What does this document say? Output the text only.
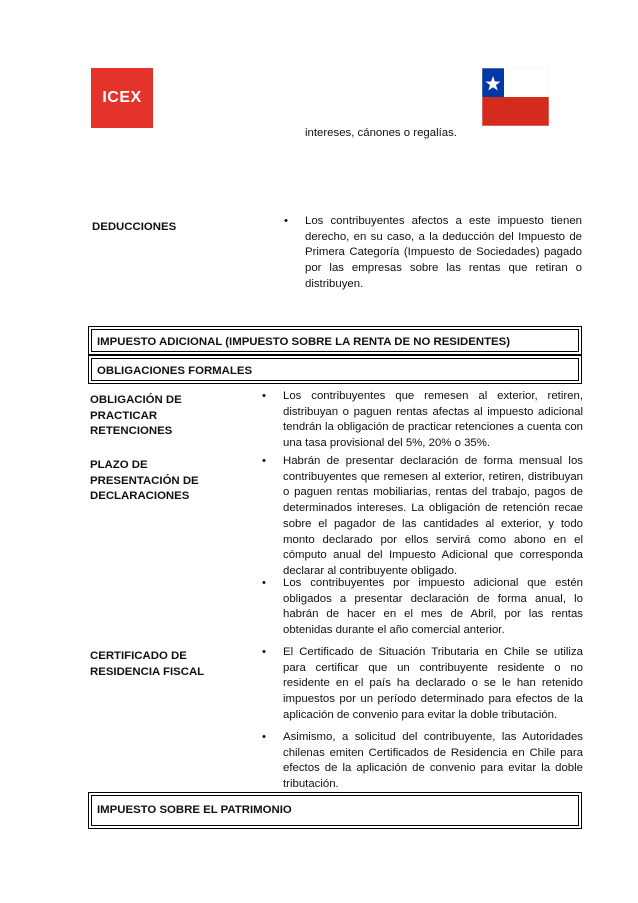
ICEX
intereses, cánones o regalías.
DEDUCCIONES	• Los contribuyentes afectos a este impuesto tienen derecho, en su caso, a la deducción del Impuesto de Primera Categoría (Impuesto de Sociedades) pagado por las empresas sobre las rentas que retiran o distribuyen.
IMPUESTO ADICIONAL (IMPUESTO SOBRE LA RENTA DE NO RESIDENTES)
OBLIGACIONES FORMALES
OBLIGACIÓN DE PRACTICAR RETENCIONES
• Los contribuyentes que remesen al exterior, retiren, distribuyan o paguen rentas afectas al impuesto adicional tendrán la obligación de practicar retenciones a cuenta con una tasa provisional del 5%, 20% o 35%.
PLAZO DE PRESENTACIÓN DE DECLARACIONES
• Habrán de presentar declaración de forma mensual los contribuyentes que remesen al exterior, retiren, distribuyan o paguen rentas mobiliarias, rentas del trabajo, pagos de determinados intereses. La obligación de retención recae sobre el pagador de las cantidades al exterior, y todo monto declarado por ellos servirá como abono en el cómputo anual del Impuesto Adicional que corresponda declarar al contribuyente obligado.
• Los contribuyentes por impuesto adicional que estén obligados a presentar declaración de forma anual, lo habrán de hacer en el mes de Abril, por las rentas obtenidas durante el año comercial anterior.
CERTIFICADO DE RESIDENCIA FISCAL
• El Certificado de Situación Tributaria en Chile se utiliza para certificar que un contribuyente residente o no residente en el país ha declarado o se le han retenido impuestos por un período determinado para efectos de la aplicación de convenio para evitar la doble tributación.
• Asimismo, a solicitud del contribuyente, las Autoridades chilenas emiten Certificados de Residencia en Chile para efectos de la aplicación de convenio para evitar la doble tributación.
IMPUESTO SOBRE EL PATRIMONIO
